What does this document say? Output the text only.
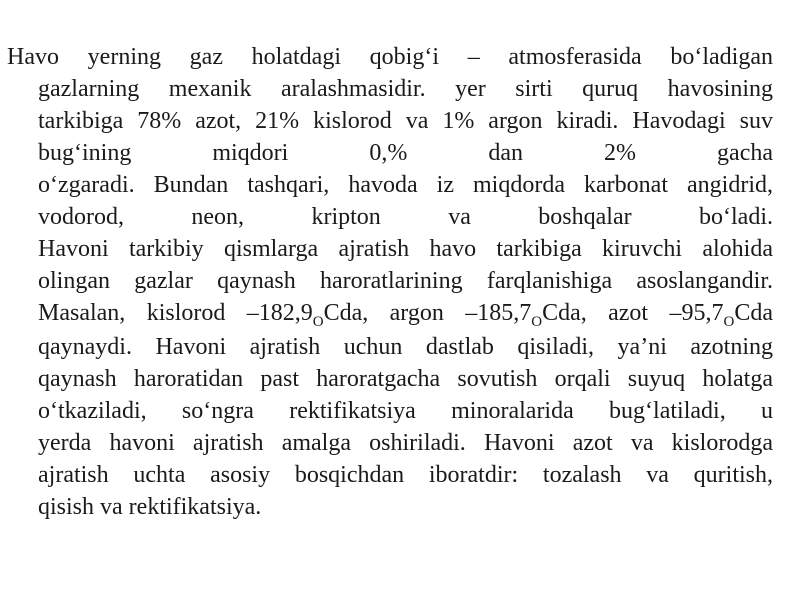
Havo yerning gaz holatdagi qobig‘i – atmosferasida bo‘ladigan
gazlarning mexanik aralashmasidir. yer sirti quruq havosining
tarkibiga 78% azot, 21% kislorod va 1% argon kiradi. Havodagi suv
bug‘ining miqdori 0,% dan 2% gacha
o‘zgaradi. Bundan tashqari, havoda iz miqdorda karbonat angidrid,
vodorod, neon, kripton va boshqalar bo‘ladi.
Havoni tarkibiy qismlarga ajratish havo tarkibiga kiruvchi alohida
olingan gazlar qaynash haroratlarining farqlanishiga asoslangandir.
Masalan, kislorod $-182,9_OCda$, argon $-185,7_OCda$, azot $-95,7_OCda$
qaynaydi. Havoni ajratish uchun dastlab qisiladi, ya’ni azotning
qaynash haroratidan past haroratgacha sovutish orqali suyuq holatga
o‘tkaziladi, so‘ngra rektifikatsiya minoralarida bug‘latiladi, u
yerda havoni ajratish amalga oshiriladi. Havoni azot va kislorodga
ajratish uchta asosiy bosqichdan iboratdir: tozalash va quritish,
qisish va rektifikatsiya.
